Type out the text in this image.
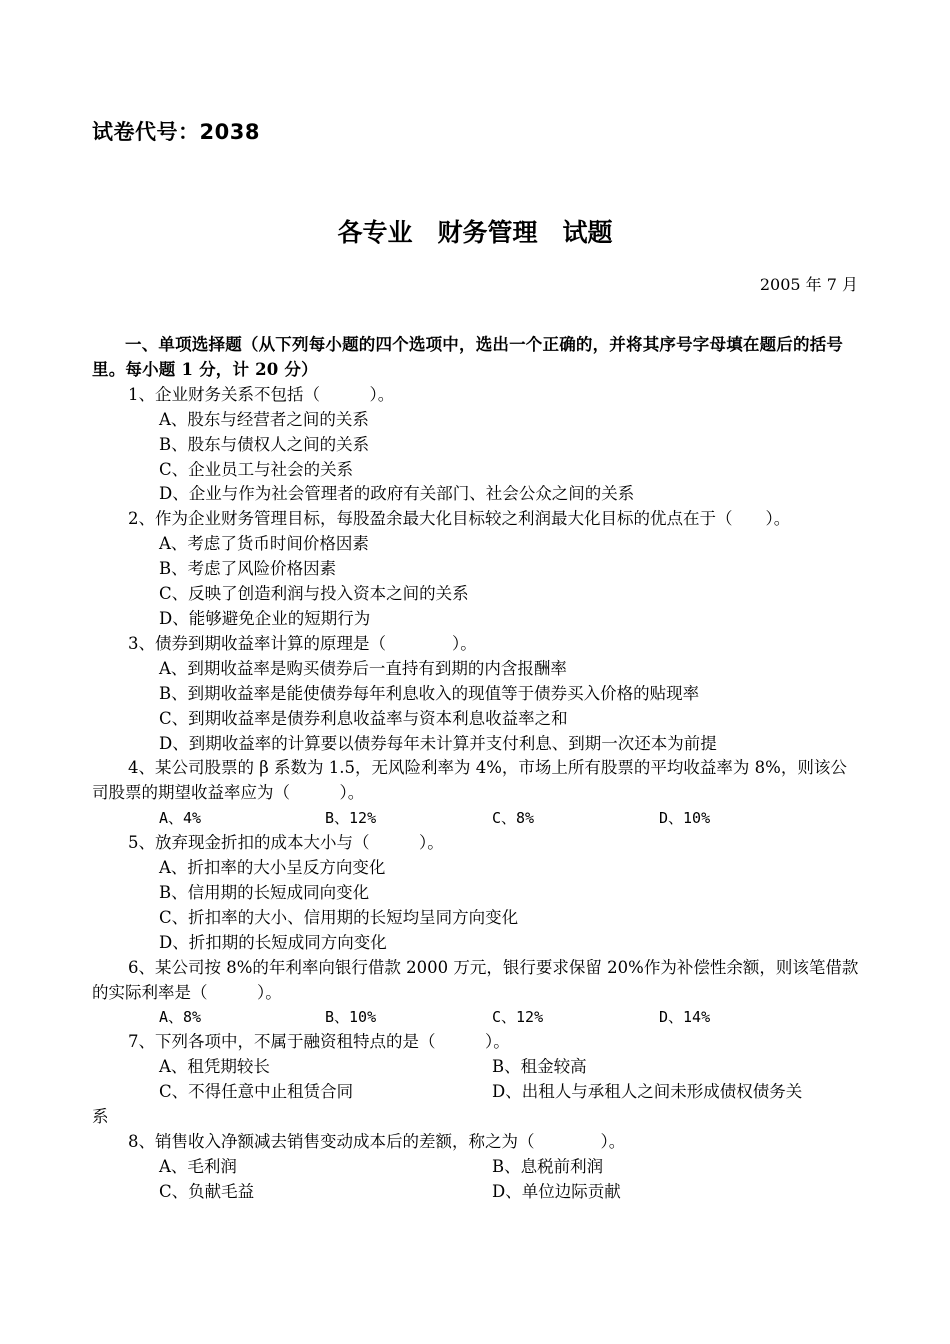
试卷代号：2038
各专业　财务管理　试题
2005 年 7 月

一、单项选择题（从下列每小题的四个选项中，选出一个正确的，并将其序号字母填在题后的括号里。每小题 1 分，计 20 分）

1、企业财务关系不包括（　　　）。

A、股东与经营者之间的关系

B、股东与债权人之间的关系

C、企业员工与社会的关系

D、企业与作为社会管理者的政府有关部门、社会公众之间的关系

2、作为企业财务管理目标，每股盈余最大化目标较之利润最大化目标的优点在于（　　）。

A、考虑了货币时间价格因素

B、考虑了风险价格因素

C、反映了创造利润与投入资本之间的关系

D、能够避免企业的短期行为

3、债券到期收益率计算的原理是（　　　　）。

A、到期收益率是购买债券后一直持有到期的内含报酬率

B、到期收益率是能使债券每年利息收入的现值等于债券买入价格的贴现率

C、到期收益率是债券利息收益率与资本利息收益率之和

D、到期收益率的计算要以债券每年未计算并支付利息、到期一次还本为前提

4、某公司股票的 β 系数为 1.5，无风险利率为 4%，市场上所有股票的平均收益率为 8%，则该公司股票的期望收益率应为（　　　）。

A、4%	B、12%	C、8%	D、10%

5、放弃现金折扣的成本大小与（　　　）。

A、折扣率的大小呈反方向变化

B、信用期的长短成同向变化

C、折扣率的大小、信用期的长短均呈同方向变化

D、折扣期的长短成同方向变化

6、某公司按 8%的年利率向银行借款 2000 万元，银行要求保留 20%作为补偿性余额，则该笔借款的实际利率是（　　　）。

A、8%	B、10%	C、12%	D、14%

7、下列各项中，不属于融资租特点的是（　　　）。

A、租凭期较长	B、租金较高
C、不得任意中止租赁合同	D、出租人与承租人之间未形成债权债务关

系

8、销售收入净额减去销售变动成本后的差额，称之为（　　　　）。

A、毛利润	B、息税前利润
C、负献毛益	D、单位边际贡献
